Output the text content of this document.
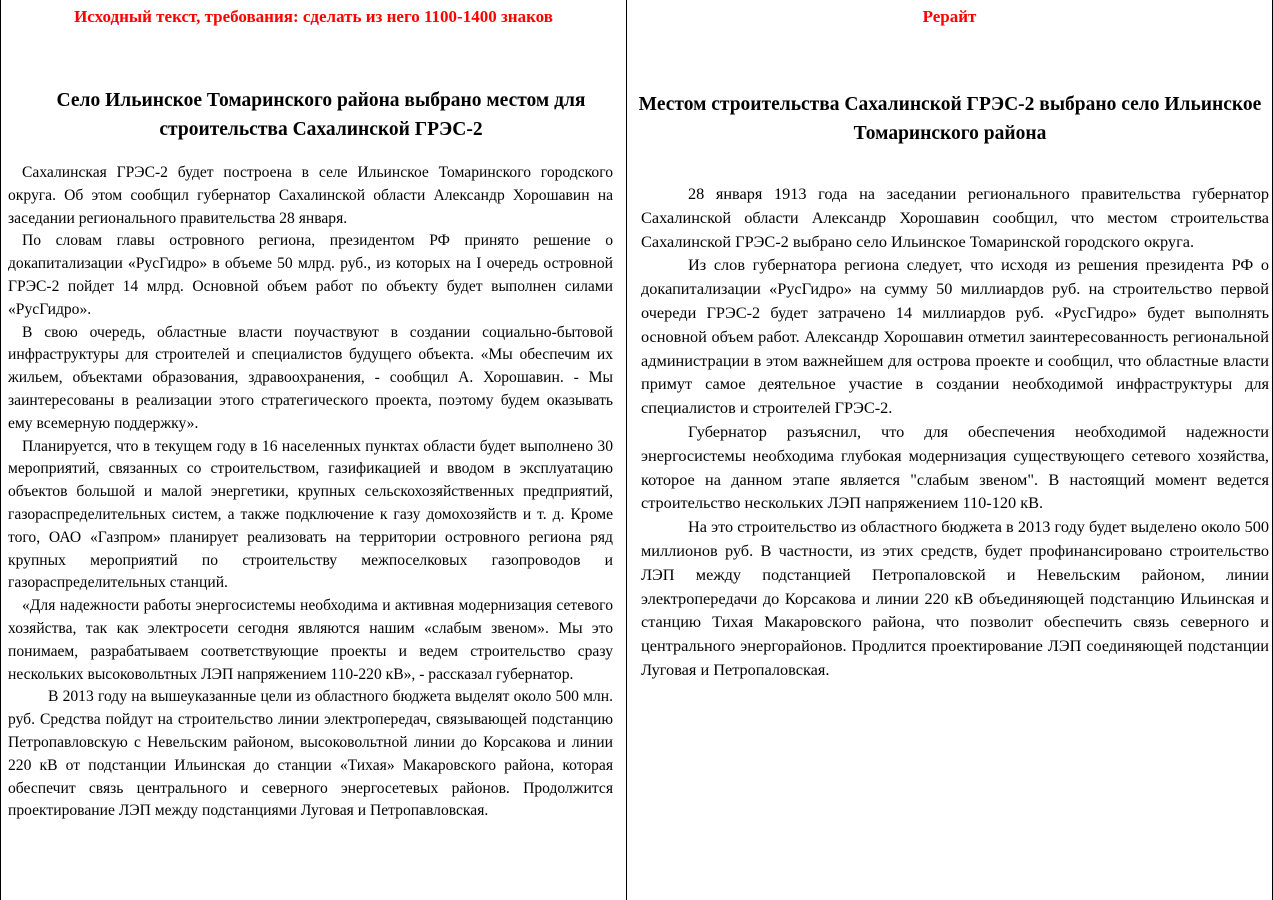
Исходный текст, требования: сделать из него 1100-1400 знаков
Село Ильинское Томаринского района выбрано местом для строительства Сахалинской ГРЭС-2

Сахалинская ГРЭС-2 будет построена в селе Ильинское Томаринского городского округа. Об этом сообщил губернатор Сахалинской области Александр Хорошавин на заседании регионального правительства 28 января.

По словам главы островного региона, президентом РФ принято решение о докапитализации «РусГидро» в объеме 50 млрд. руб., из которых на I очередь островной ГРЭС-2 пойдет 14 млрд. Основной объем работ по объекту будет выполнен силами «РусГидро».

В свою очередь, областные власти поучаствуют в создании социально-бытовой инфраструктуры для строителей и специалистов будущего объекта. «Мы обеспечим их жильем, объектами образования, здравоохранения, - сообщил А. Хорошавин. - Мы заинтересованы в реализации этого стратегического проекта, поэтому будем оказывать ему всемерную поддержку».

Планируется, что в текущем году в 16 населенных пунктах области будет выполнено 30 мероприятий, связанных со строительством, газификацией и вводом в эксплуатацию объектов большой и малой энергетики, крупных сельскохозяйственных предприятий, газораспределительных систем, а также подключение к газу домохозяйств и т. д. Кроме того, ОАО «Газпром» планирует реализовать на территории островного региона ряд крупных мероприятий по строительству межпоселковых газопроводов и газораспределительных станций.

«Для надежности работы энергосистемы необходима и активная модернизация сетевого хозяйства, так как электросети сегодня являются нашим «слабым звеном». Мы это понимаем, разрабатываем соответствующие проекты и ведем строительство сразу нескольких высоковольтных ЛЭП напряжением 110-220 кВ», - рассказал губернатор.

В 2013 году на вышеуказанные цели из областного бюджета выделят около 500 млн. руб. Средства пойдут на строительство линии электропередач, связывающей подстанцию Петропавловскую с Невельским районом, высоковольтной линии до Корсакова и линии 220 кВ от подстанции Ильинская до станции «Тихая» Макаровского района, которая обеспечит связь центрального и северного энергосетевых районов. Продолжится проектирование ЛЭП между подстанциями Луговая и Петропавловская.

Рерайт
Местом строительства Сахалинской ГРЭС-2 выбрано село Ильинское Томаринского района

28 января 1913 года на заседании регионального правительства губернатор Сахалинской области Александр Хорошавин сообщил, что местом строительства Сахалинской ГРЭС-2 выбрано село Ильинское Томаринской городского округа.

Из слов губернатора региона следует, что исходя из решения президента РФ о докапитализации «РусГидро» на сумму 50 миллиардов руб. на строительство первой очереди ГРЭС-2 будет затрачено 14 миллиардов руб. «РусГидро» будет выполнять основной объем работ. Александр Хорошавин отметил заинтересованность региональной администрации в этом важнейшем для острова проекте и сообщил, что областные власти примут самое деятельное участие в создании необходимой инфраструктуры для специалистов и строителей ГРЭС-2.

Губернатор разъяснил, что для обеспечения необходимой надежности энергосистемы необходима глубокая модернизация существующего сетевого хозяйства, которое на данном этапе является "слабым звеном". В настоящий момент ведется строительство нескольких ЛЭП напряжением 110-120 кВ.

На это строительство из областного бюджета в 2013 году будет выделено около 500 миллионов руб. В частности, из этих средств, будет профинансировано строительство ЛЭП между подстанцией Петропаловской и Невельским районом, линии электропередачи до Корсакова и линии 220 кВ объединяющей подстанцию Ильинская и станцию Тихая Макаровского района, что позволит обеспечить связь северного и центрального энергорайонов. Продлится проектирование ЛЭП соединяющей подстанции Луговая и Петропаловская.
